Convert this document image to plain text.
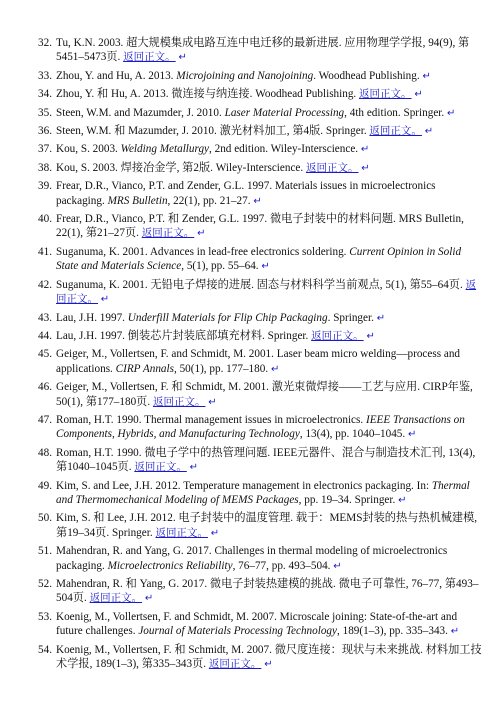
32. Tu, K.N. 2003. 超大规模集成电路互连中电迁移的最新进展. 应用物理学学报, 94(9), 第5451–5473页. 返回正文。 ↵
33. Zhou, Y. and Hu, A. 2013. Microjoining and Nanojoining. Woodhead Publishing. ↵
34. Zhou, Y. 和 Hu, A. 2013. 微连接与纳连接. Woodhead Publishing. 返回正文。 ↵
35. Steen, W.M. and Mazumder, J. 2010. Laser Material Processing, 4th edition. Springer. ↵
36. Steen, W.M. 和 Mazumder, J. 2010. 激光材料加工, 第4版. Springer. 返回正文。 ↵
37. Kou, S. 2003. Welding Metallurgy, 2nd edition. Wiley-Interscience. ↵
38. Kou, S. 2003. 焊接冶金学, 第2版. Wiley-Interscience. 返回正文。 ↵
39. Frear, D.R., Vianco, P.T. and Zender, G.L. 1997. Materials issues in microelectronics packaging. MRS Bulletin, 22(1), pp. 21–27. ↵
40. Frear, D.R., Vianco, P.T. 和 Zender, G.L. 1997. 微电子封装中的材料问题. MRS Bulletin, 22(1), 第21–27页. 返回正文。 ↵
41. Suganuma, K. 2001. Advances in lead-free electronics soldering. Current Opinion in Solid State and Materials Science, 5(1), pp. 55–64. ↵
42. Suganuma, K. 2001. 无铅电子焊接的进展. 固态与材料科学当前观点, 5(1), 第55–64页. 返回正文。 ↵
43. Lau, J.H. 1997. Underfill Materials for Flip Chip Packaging. Springer. ↵
44. Lau, J.H. 1997. 倒装芯片封装底部填充材料. Springer. 返回正文。 ↵
45. Geiger, M., Vollertsen, F. and Schmidt, M. 2001. Laser beam micro welding—process and applications. CIRP Annals, 50(1), pp. 177–180. ↵
46. Geiger, M., Vollertsen, F. 和 Schmidt, M. 2001. 激光束微焊接——工艺与应用. CIRP年鉴, 50(1), 第177–180页. 返回正文。 ↵
47. Roman, H.T. 1990. Thermal management issues in microelectronics. IEEE Transactions on Components, Hybrids, and Manufacturing Technology, 13(4), pp. 1040–1045. ↵
48. Roman, H.T. 1990. 微电子学中的热管理问题. IEEE元器件、混合与制造技术汇刊, 13(4), 第1040–1045页. 返回正文。 ↵
49. Kim, S. and Lee, J.H. 2012. Temperature management in electronics packaging. In: Thermal and Thermomechanical Modeling of MEMS Packages, pp. 19–34. Springer. ↵
50. Kim, S. 和 Lee, J.H. 2012. 电子封装中的温度管理. 载于：MEMS封装的热与热机械建模, 第19–34页. Springer. 返回正文。 ↵
51. Mahendran, R. and Yang, G. 2017. Challenges in thermal modeling of microelectronics packaging. Microelectronics Reliability, 76–77, pp. 493–504. ↵
52. Mahendran, R. 和 Yang, G. 2017. 微电子封装热建模的挑战. 微电子可靠性, 76–77, 第493–504页. 返回正文。 ↵
53. Koenig, M., Vollertsen, F. and Schmidt, M. 2007. Microscale joining: State-of-the-art and future challenges. Journal of Materials Processing Technology, 189(1–3), pp. 335–343. ↵
54. Koenig, M., Vollertsen, F. 和 Schmidt, M. 2007. 微尺度连接：现状与未来挑战. 材料加工技术学报, 189(1–3), 第335–343页. 返回正文。 ↵
